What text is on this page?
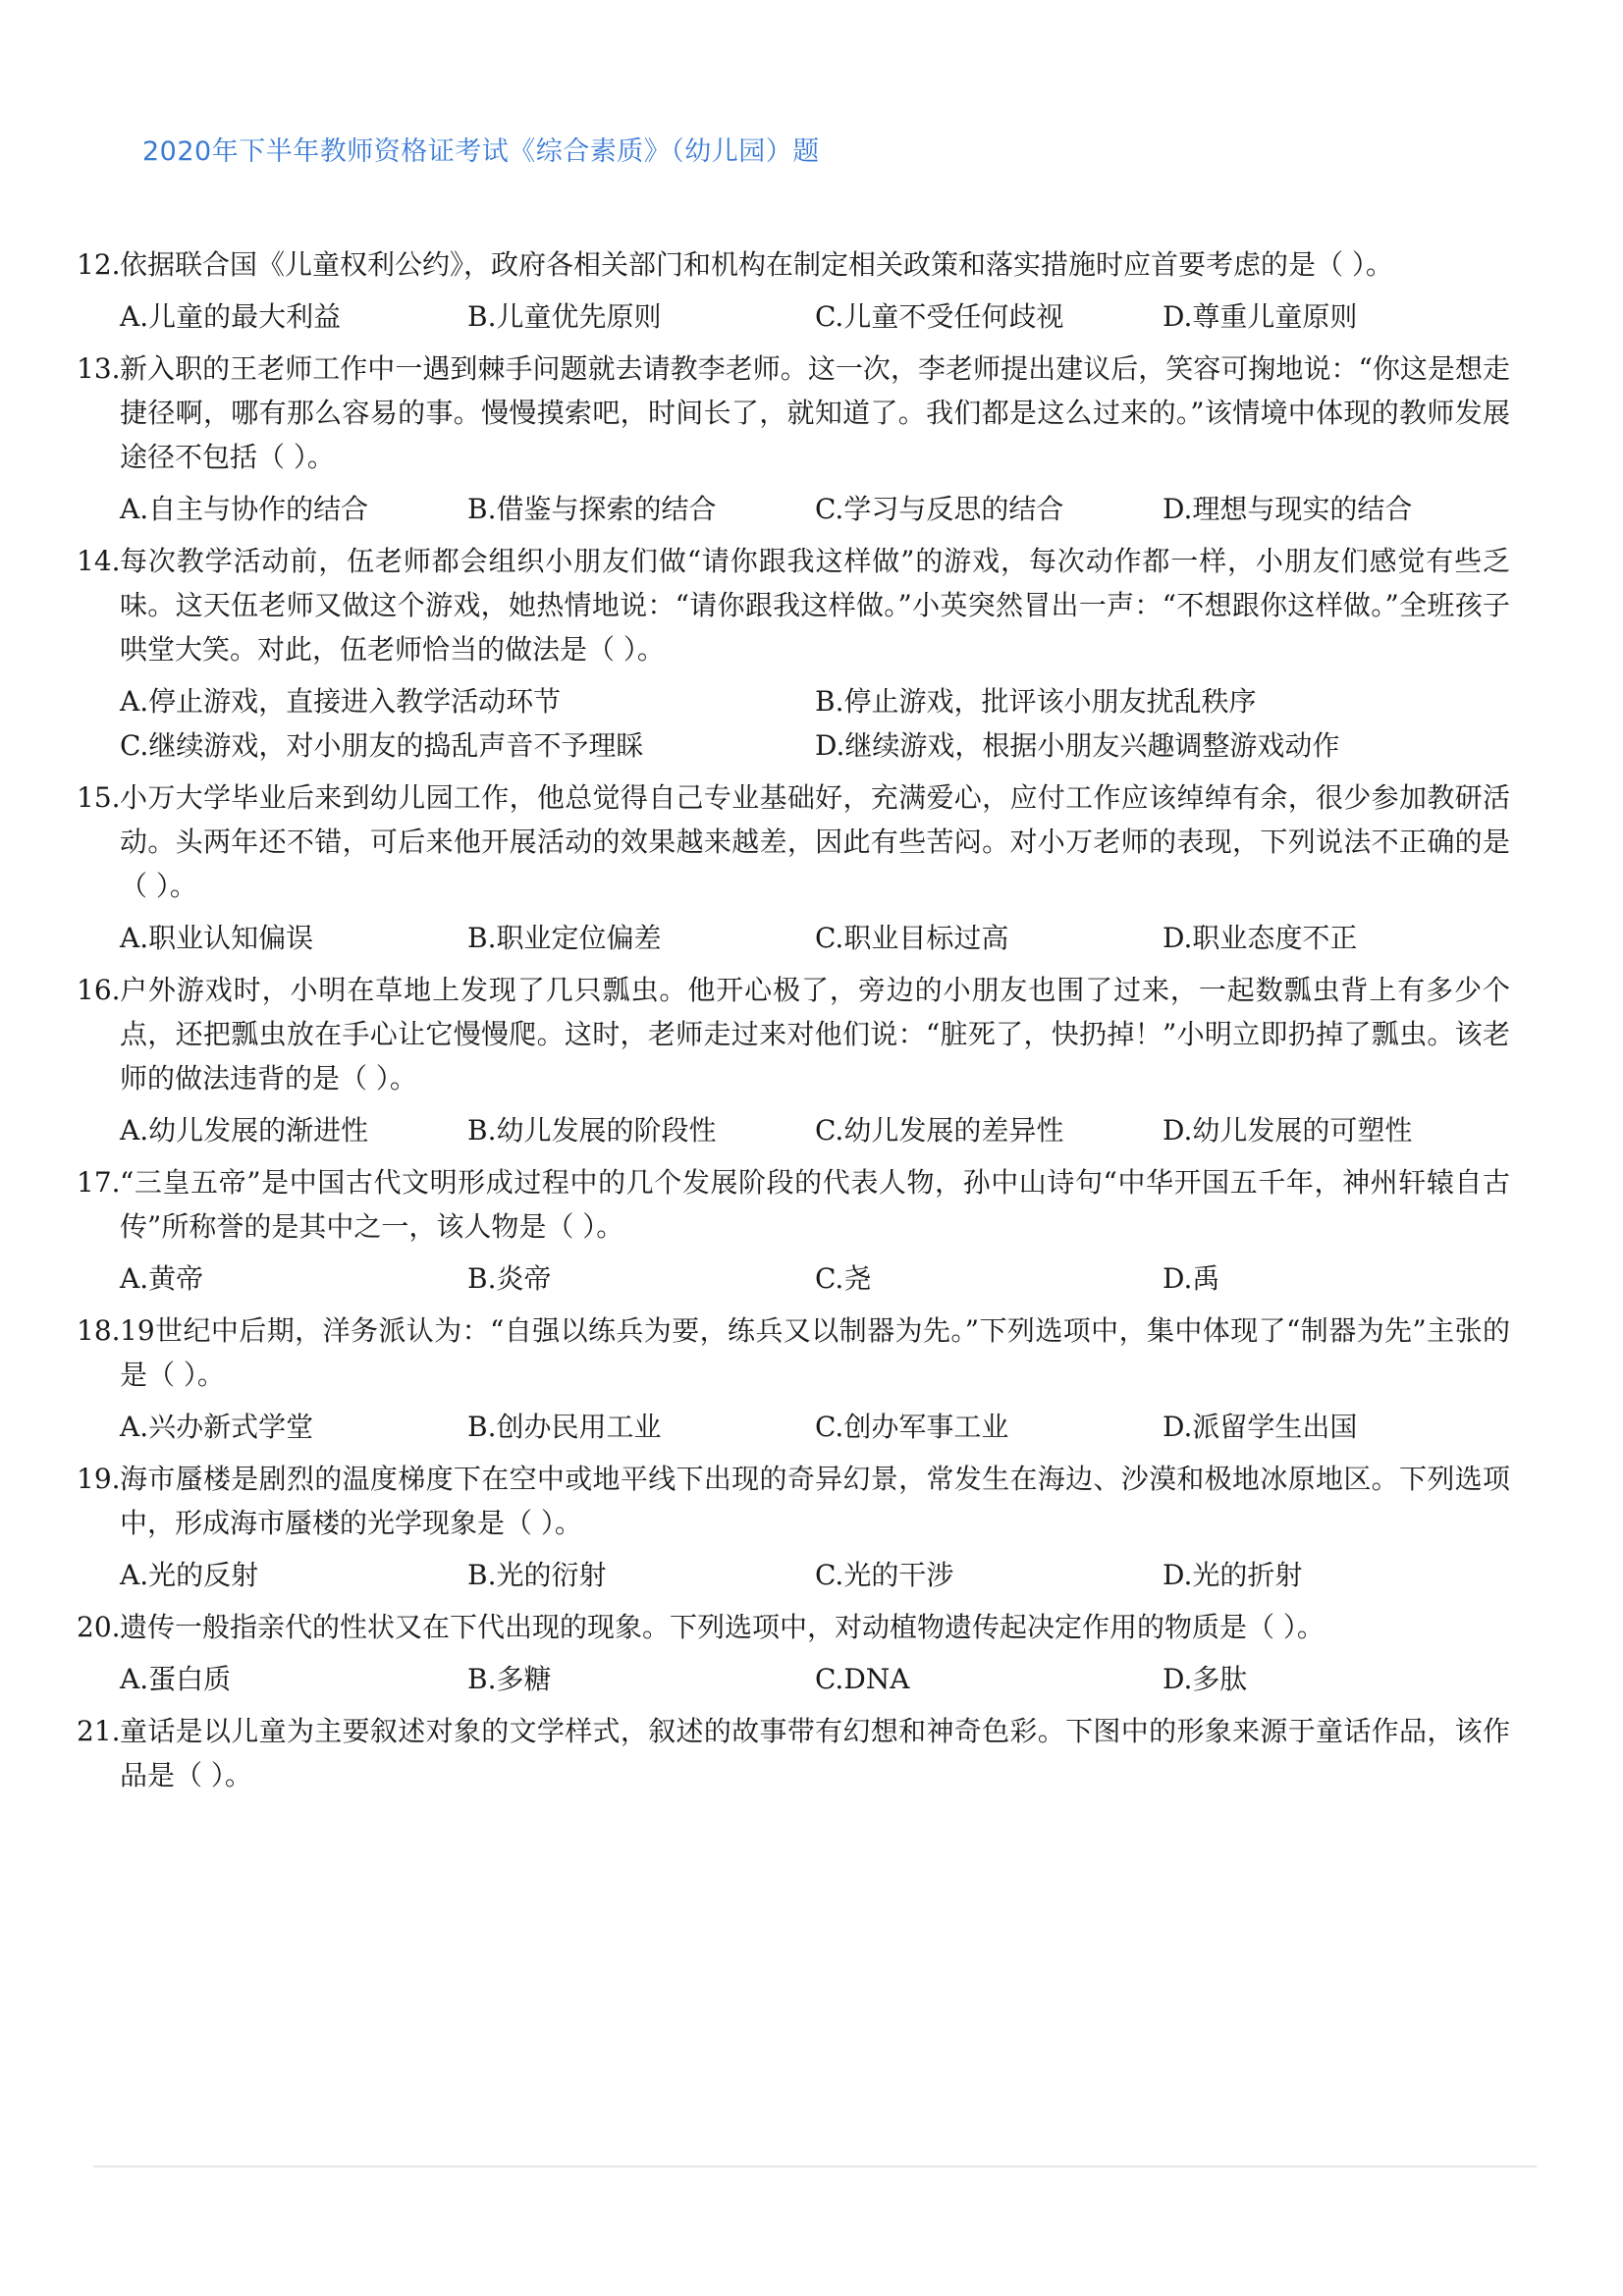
2020年下半年教师资格证考试《综合素质》（幼儿园）题
12. 依据联合国《儿童权利公约》，政府各相关部门和机构在制定相关政策和落实措施时应首要考虑的是（ ）。
A.儿童的最大利益	B.儿童优先原则	C.儿童不受任何歧视	D.尊重儿童原则
13. 新入职的王老师工作中一遇到棘手问题就去请教李老师。这一次，李老师提出建议后，笑容可掬地说：“你这是想走捷径啊，哪有那么容易的事。慢慢摸索吧，时间长了，就知道了。我们都是这么过来的。”该情境中体现的教师发展途径不包括（ ）。
A.自主与协作的结合	B.借鉴与探索的结合	C.学习与反思的结合	D.理想与现实的结合
14. 每次教学活动前，伍老师都会组织小朋友们做“请你跟我这样做”的游戏，每次动作都一样，小朋友们感觉有些乏味。这天伍老师又做这个游戏，她热情地说：“请你跟我这样做。”小英突然冒出一声：“不想跟你这样做。”全班孩子哄堂大笑。对此，伍老师恰当的做法是（ ）。
A.停止游戏，直接进入教学活动环节	B.停止游戏，批评该小朋友扰乱秩序
C.继续游戏，对小朋友的捣乱声音不予理睬	D.继续游戏，根据小朋友兴趣调整游戏动作
15. 小万大学毕业后来到幼儿园工作，他总觉得自己专业基础好，充满爱心，应付工作应该绰绰有余，很少参加教研活动。头两年还不错，可后来他开展活动的效果越来越差，因此有些苦闷。对小万老师的表现，下列说法不正确的是（ ）。
A.职业认知偏误	B.职业定位偏差	C.职业目标过高	D.职业态度不正
16. 户外游戏时，小明在草地上发现了几只瓢虫。他开心极了，旁边的小朋友也围了过来，一起数瓢虫背上有多少个点，还把瓢虫放在手心让它慢慢爬。这时，老师走过来对他们说：“脏死了，快扔掉！”小明立即扔掉了瓢虫。该老师的做法违背的是（ ）。
A.幼儿发展的渐进性	B.幼儿发展的阶段性	C.幼儿发展的差异性	D.幼儿发展的可塑性
17. “三皇五帝”是中国古代文明形成过程中的几个发展阶段的代表人物，孙中山诗句“中华开国五千年，神州轩辕自古传”所称誉的是其中之一，该人物是（ ）。
A.黄帝	B.炎帝	C.尧	D.禹
18. 19世纪中后期，洋务派认为：“自强以练兵为要，练兵又以制器为先。”下列选项中，集中体现了“制器为先”主张的是（ ）。
A.兴办新式学堂	B.创办民用工业	C.创办军事工业	D.派留学生出国
19. 海市蜃楼是剧烈的温度梯度下在空中或地平线下出现的奇异幻景，常发生在海边、沙漠和极地冰原地区。下列选项中，形成海市蜃楼的光学现象是（ ）。
A.光的反射	B.光的衍射	C.光的干涉	D.光的折射
20. 遗传一般指亲代的性状又在下代出现的现象。下列选项中，对动植物遗传起决定作用的物质是（ ）。
A.蛋白质	B.多糖	C.DNA	D.多肽
21. 童话是以儿童为主要叙述对象的文学样式，叙述的故事带有幻想和神奇色彩。下图中的形象来源于童话作品，该作品是（ ）。
